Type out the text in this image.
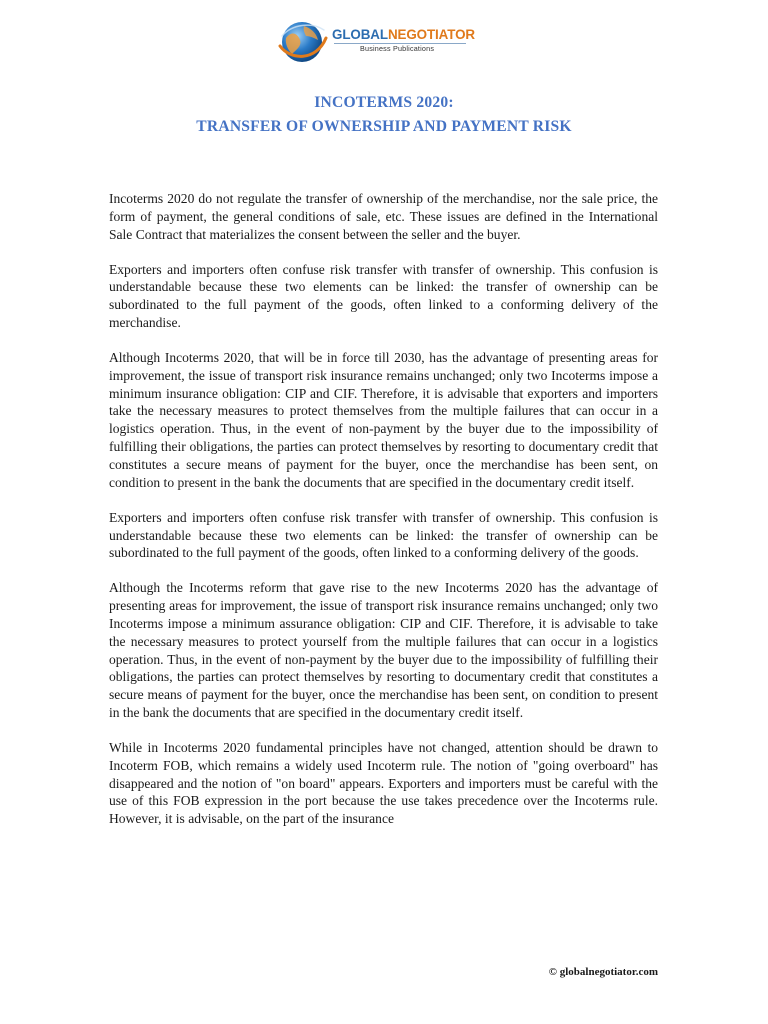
GLOBALNEGOTIATOR
Business Publications
INCOTERMS 2020:
TRANSFER OF OWNERSHIP AND PAYMENT RISK

Incoterms 2020 do not regulate the transfer of ownership of the merchandise, nor the sale price, the form of payment, the general conditions of sale, etc. These issues are defined in the International Sale Contract that materializes the consent between the seller and the buyer.

Exporters and importers often confuse risk transfer with transfer of ownership. This confusion is understandable because these two elements can be linked: the transfer of ownership can be subordinated to the full payment of the goods, often linked to a conforming delivery of the merchandise.

Although Incoterms 2020, that will be in force till 2030, has the advantage of presenting areas for improvement, the issue of transport risk insurance remains unchanged; only two Incoterms impose a minimum insurance obligation: CIP and CIF. Therefore, it is advisable that exporters and importers take the necessary measures to protect themselves from the multiple failures that can occur in a logistics operation. Thus, in the event of non-payment by the buyer due to the impossibility of fulfilling their obligations, the parties can protect themselves by resorting to documentary credit that constitutes a secure means of payment for the buyer, once the merchandise has been sent, on condition to present in the bank the documents that are specified in the documentary credit itself.

Exporters and importers often confuse risk transfer with transfer of ownership. This confusion is understandable because these two elements can be linked: the transfer of ownership can be subordinated to the full payment of the goods, often linked to a conforming delivery of the goods.

Although the Incoterms reform that gave rise to the new Incoterms 2020 has the advantage of presenting areas for improvement, the issue of transport risk insurance remains unchanged; only two Incoterms impose a minimum assurance obligation: CIP and CIF. Therefore, it is advisable to take the necessary measures to protect yourself from the multiple failures that can occur in a logistics operation. Thus, in the event of non-payment by the buyer due to the impossibility of fulfilling their obligations, the parties can protect themselves by resorting to documentary credit that constitutes a secure means of payment for the buyer, once the merchandise has been sent, on condition to present in the bank the documents that are specified in the documentary credit itself.

While in Incoterms 2020 fundamental principles have not changed, attention should be drawn to Incoterm FOB, which remains a widely used Incoterm rule. The notion of "going overboard" has disappeared and the notion of "on board" appears. Exporters and importers must be careful with the use of this FOB expression in the port because the use takes precedence over the Incoterms rule. However, it is advisable, on the part of the insurance

© globalnegotiator.com
